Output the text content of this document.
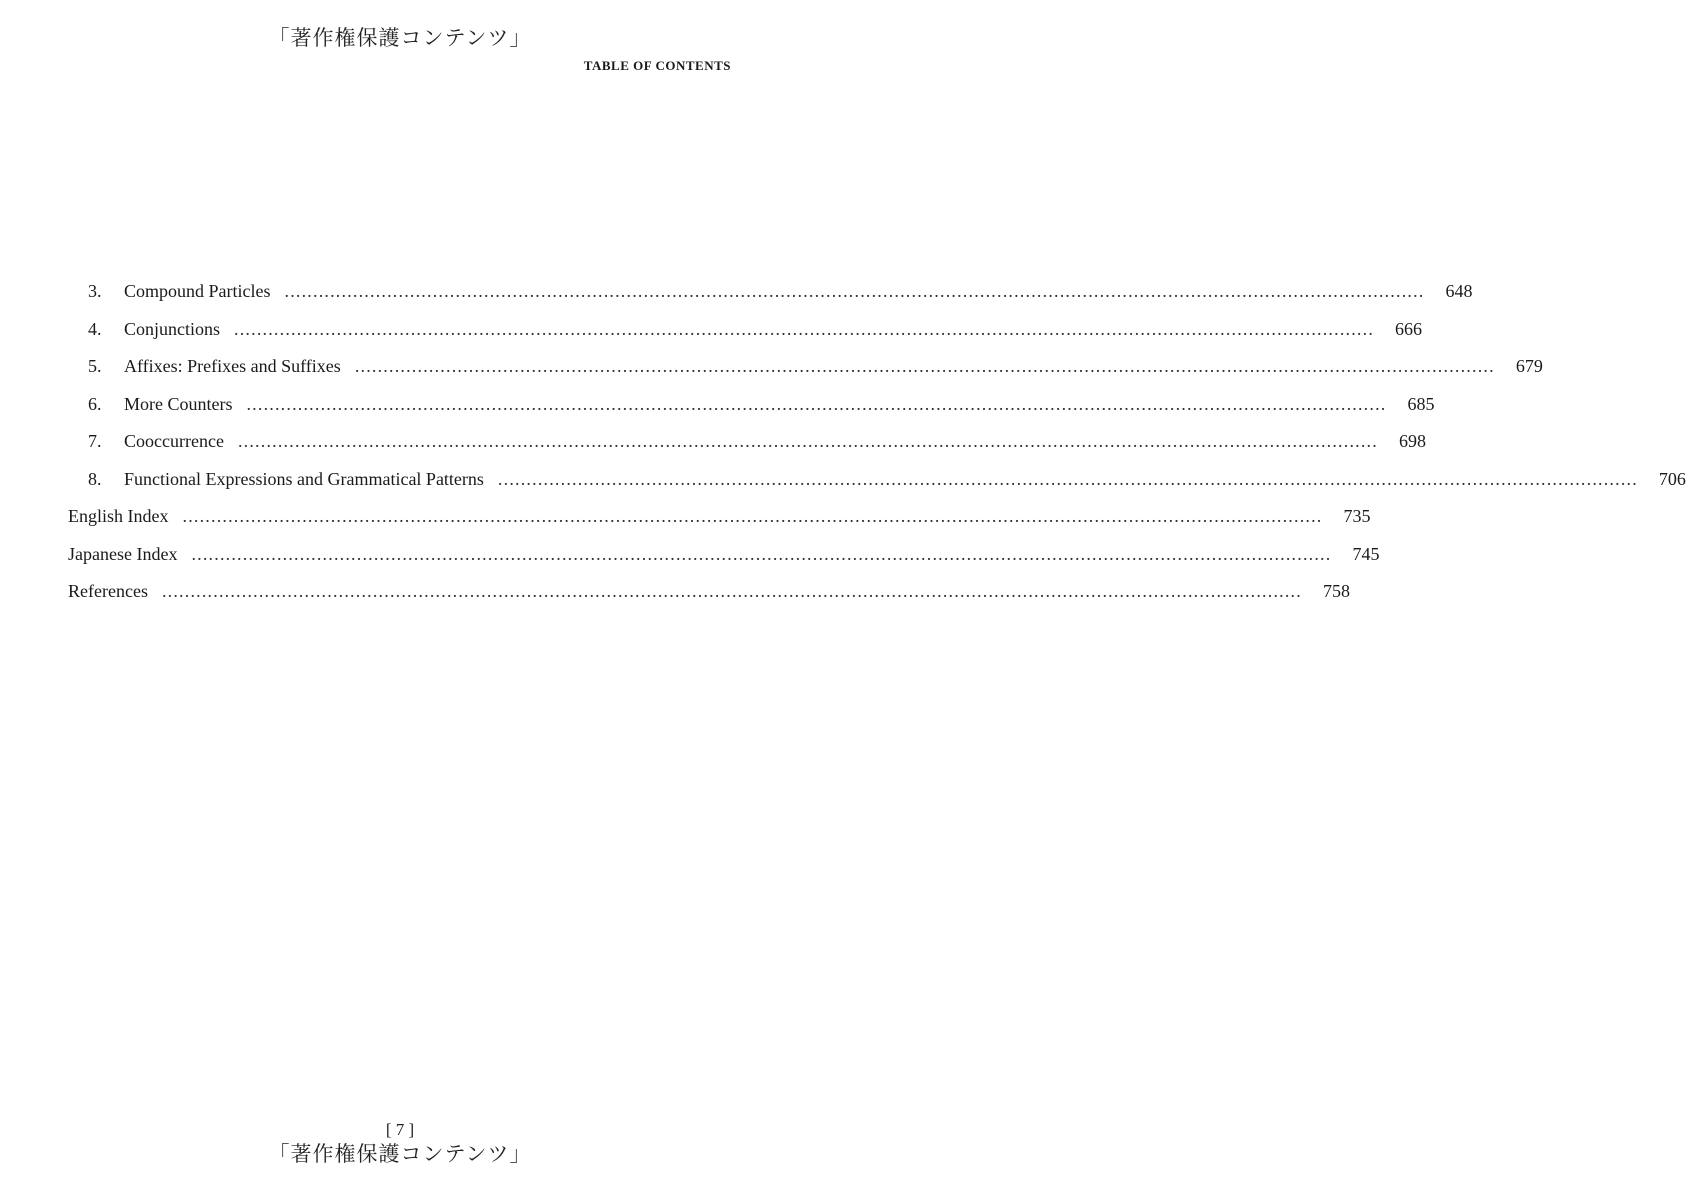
「著作権保護コンテンツ」
TABLE OF CONTENTS
3.	Compound Particles ........................................................................................................................................................................................................	648
4.	Conjunctions ........................................................................................................................................................................................................	666
5.	Affixes: Prefixes and Suffixes ........................................................................................................................................................................................................	679
6.	More Counters ........................................................................................................................................................................................................	685
7.	Cooccurrence ........................................................................................................................................................................................................	698
8.	Functional Expressions and Grammatical Patterns ........................................................................................................................................................................................................	706
English Index ........................................................................................................................................................................................................	735
Japanese Index ........................................................................................................................................................................................................	745
References ........................................................................................................................................................................................................	758
[ 7 ]
「著作権保護コンテンツ」
